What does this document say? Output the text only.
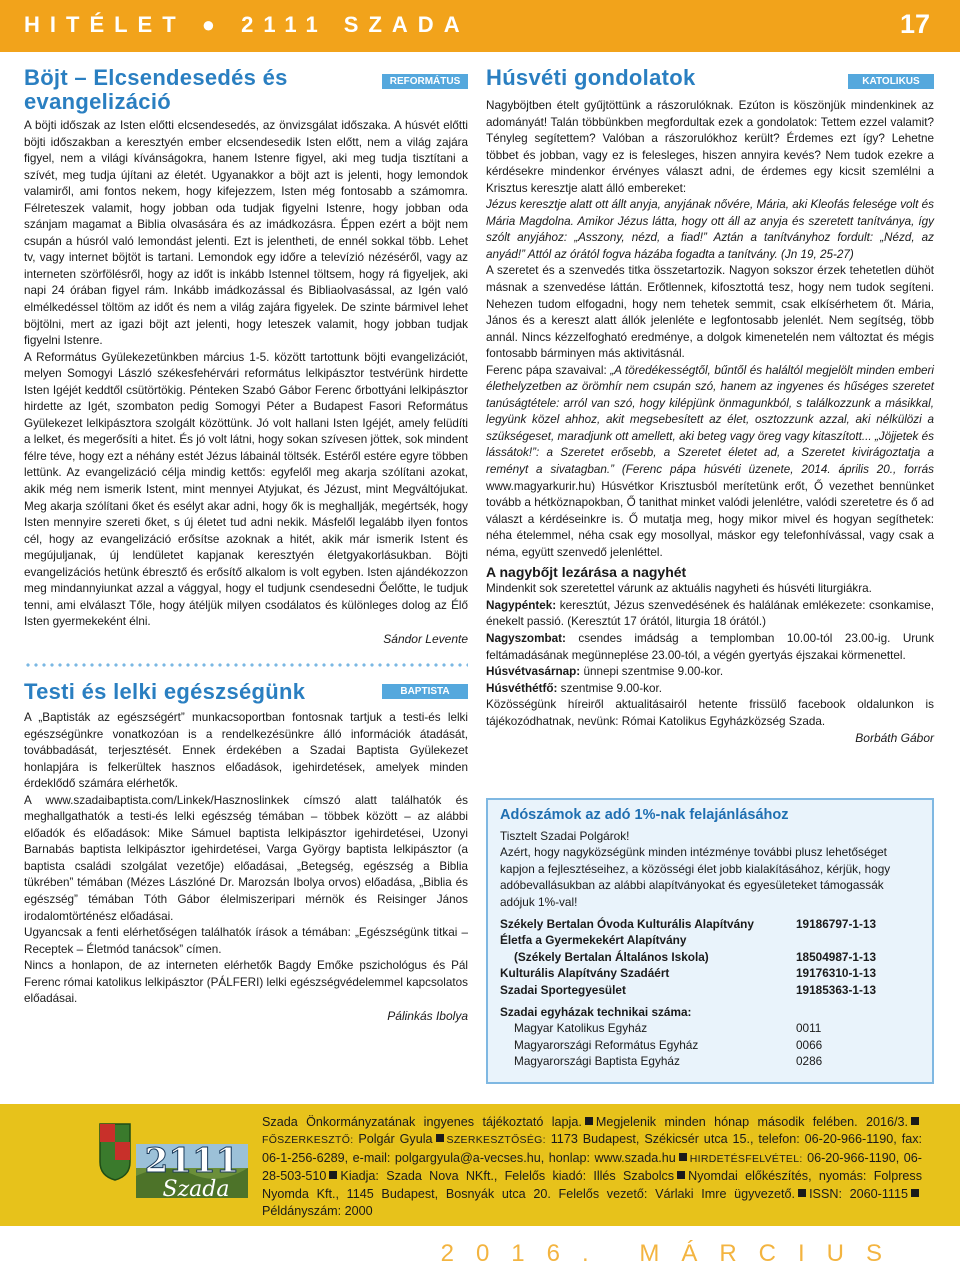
HITÉLET ● 2111 SZADA	17
Böjt – Elcsendesedés és evangelizáció
REFORMÁTUS

A böjti időszak az Isten előtti elcsendesedés, az önvizsgálat időszaka. A húsvét előtti böjti időszakban a keresztyén ember elcsendesedik Isten előtt, nem a világ zajára figyel, nem a világi kívánságokra, hanem Istenre figyel, aki meg tudja tisztítani a szívét, meg tudja újítani az életét. Ugyanakkor a böjt azt is jelenti, hogy lemondok valamiről, ami fontos nekem, hogy kifejezzem, Isten még fontosabb a számomra. Félreteszek valamit, hogy jobban oda tudjak figyelni Istenre, hogy jobban oda szánjam magamat a Biblia olvasására és az imádkozásra. Éppen ezért a böjt nem csupán a húsról való lemondást jelenti. Ezt is jelentheti, de ennél sokkal több. Lehet tv, vagy internet böjtöt is tartani. Lemondok egy időre a televízió nézéséről, vagy az interneten szörfölésről, hogy az időt is inkább Istennel töltsem, hogy rá figyeljek, aki napi 24 órában figyel rám. Inkább imádkozással és Bibliaolvasással, az Igén való elmélkedéssel töltöm az időt és nem a világ zajára figyelek. De szinte bármivel lehet böjtölni, mert az igazi böjt azt jelenti, hogy leteszek valamit, hogy jobban tudjak figyelni Istenre.

A Református Gyülekezetünkben március 1-5. között tartottunk böjti evangelizációt, melyen Somogyi László székesfehérvári református lelkipásztor testvérünk hirdette Isten Igéjét keddtől csütörtökig. Pénteken Szabó Gábor Ferenc őrbottyáni lelkipásztor hirdette az Igét, szombaton pedig Somogyi Péter a Budapest Fasori Református Gyülekezet lelkipásztora szolgált közöttünk. Jó volt hallani Isten Igéjét, amely felüdíti a lelket, és megerősíti a hitet. És jó volt látni, hogy sokan szívesen jöttek, sok mindent félre téve, hogy ezt a néhány estét Jézus lábainál töltsék. Estéről estére egyre többen lettünk. Az evangelizáció célja mindig kettős: egyfelől meg akarja szólítani azokat, akik még nem ismerik Istent, mint mennyei Atyjukat, és Jézust, mint Megváltójukat. Meg akarja szólítani őket és esélyt akar adni, hogy ők is meghallják, megértsék, hogy Isten mennyire szereti őket, s új életet tud adni nekik. Másfelől legalább ilyen fontos cél, hogy az evangelizáció erősítse azoknak a hitét, akik már ismerik Istent és megújuljanak, új lendületet kapjanak keresztyén életgyakorlásukban. Böjti evangelizációs hetünk ébresztő és erősítő alkalom is volt egyben. Isten ajándékozzon meg mindannyiunkat azzal a vággyal, hogy el tudjunk csendesedni Őelőtte, le tudjuk tenni, ami elválaszt Tőle, hogy átéljük milyen csodálatos és különleges dolog az Élő Isten gyermekeként élni.

Sándor Levente
Testi és lelki egészségünk	BAPTISTA

A „Baptisták az egészségért” munkacsoportban fontosnak tartjuk a testi-és lelki egészségünkre vonatkozóan is a rendelkezésünkre álló információk átadását, továbbadását, terjesztését. Ennek érdekében a Szadai Baptista Gyülekezet honlapjára is felkerültek hasznos előadások, igehirdetések, amelyek minden érdeklődő számára elérhetők.

A www.szadaibaptista.com/Linkek/Hasznoslinkek címszó alatt találhatók és meghallgathatók a testi-és lelki egészség témában – többek között – az alábbi előadók és előadások: Mike Sámuel baptista lelkipásztor igehirdetései, Uzonyi Barnabás baptista lelkipásztor igehirdetései, Varga György baptista lelkipásztor (a baptista családi szolgálat vezetője) előadásai, „Betegség, egészség a Biblia tükrében” témában (Mézes Lászlóné Dr. Marozsán Ibolya orvos) előadása, „Biblia és egészség” témában Tóth Gábor élelmiszeripari mérnök és Reisinger János irodalomtörténész előadásai.

Ugyancsak a fenti elérhetőségen találhatók írások a témában: „Egészségünk titkai – Receptek – Életmód tanácsok” címen.

Nincs a honlapon, de az interneten elérhetők Bagdy Emőke pszichológus és Pál Ferenc római katolikus lelkipásztor (PÁLFERI) lelki egészségvédelemmel kapcsolatos előadásai.

Pálinkás Ibolya
Húsvéti gondolatok	KATOLIKUS

Nagyböjtben ételt gyűjtöttünk a rászorulóknak. Ezúton is köszönjük mindenkinek az adományát! Talán többünkben megfordultak ezek a gondolatok: Tettem ezzel valamit? Tényleg segítettem? Valóban a rászorulókhoz került? Érdemes ezt így? Lehetne többet és jobban, vagy ez is felesleges, hiszen annyira kevés? Nem tudok ezekre a kérdésekre mindenkor érvényes választ adni, de érdemes egy kicsit szemlélni a Krisztus keresztje alatt álló embereket:

Jézus keresztje alatt ott állt anyja, anyjának nővére, Mária, aki Kleofás felesége volt és Mária Magdolna. Amikor Jézus látta, hogy ott áll az anyja és szeretett tanítványa, így szólt anyjához: „Asszony, nézd, a fiad!” Aztán a tanítványhoz fordult: „Nézd, az anyád!” Attól az órától fogva házába fogadta a tanítvány. (Jn 19, 25-27)

A szeretet és a szenvedés titka összetartozik. Nagyon sokszor érzek tehetetlen dühöt másnak a szenvedése láttán. Erőtlennek, kifosztottá tesz, hogy nem tudok segíteni. Nehezen tudom elfogadni, hogy nem tehetek semmit, csak elkísérhetem őt. Mária, János és a kereszt alatt állók jelenléte e legfontosabb jelenlét. Nem segítség, több annál. Nincs kézzelfogható eredménye, a dolgok kimenetelén nem változtat és mégis fontosabb bárminyen más aktivitásnál.

Ferenc pápa szavaival: „A töredékességtől, bűntől és haláltól megjelölt minden emberi élethelyzetben az örömhír nem csupán szó, hanem az ingyenes és hűséges szeretet tanúságtétele: arról van szó, hogy kilépjünk önmagunkból, s találkozzunk a másikkal, legyünk közel ahhoz, akit megsebesített az élet, osztozzunk azzal, aki nélkülözi a szükségeset, maradjunk ott amellett, aki beteg vagy öreg vagy kitaszított... „Jöjjetek és lássátok!”: a Szeretet erősebb, a Szeretet életet ad, a Szeretet kivirágoztatja a reményt a sivatagban.” (Ferenc pápa húsvéti üzenete, 2014. április 20., forrás www.magyarkurir.hu) Húsvétkor Krisztusból merítetünk erőt, Ő vezethet bennünket tovább a hétköznapokban, Ő tanithat minket valódi jelenlétre, valódi szeretetre és ő ad választ a kérdéseinkre is. Ő mutatja meg, hogy mikor mivel és hogyan segíthetek: néha ételemmel, néha csak egy mosollyal, máskor egy telefonhívással, vagy csak a néma, együtt szenvedő jelenléttel.

A nagybőjt lezárása a nagyhét

Mindenkit sok szeretettel várunk az aktuális nagyheti és húsvéti liturgiákra.

Nagypéntek: keresztút, Jézus szenvedésének és halálának emlékezete: csonkamise, énekelt passió. (Keresztút 17 órától, liturgia 18 órától.)

Nagyszombat: csendes imádság a templomban 10.00-tól 23.00-ig. Urunk feltámadásának megünneplése 23.00-tól, a végén gyertyás éjszakai körmenettel.

Húsvétvasárnap: ünnepi szentmise 9.00-kor.

Húsvéthétfő: szentmise 9.00-kor.

Közösségünk híreiről aktualitásairól hetente frissülő facebook oldalunkon is tájékozódhatnak, nevünk: Római Katolikus Egyházközség Szada.

Borbáth Gábor
Adószámok az adó 1%-nak felajánlásához
Tisztelt Szadai Polgárok!
Azért, hogy nagyközségünk minden intézménye további plusz lehetőséget kapjon a fejlesztéseihez, a közösségi élet jobb kialakításához, kérjük, hogy adóbevallásukban az alábbi alapítványokat és egyesületeket támogassák adójuk 1%-val!
Székely Bertalan Óvoda Kulturális Alapítvány	19186797-1-13
Életfa a Gyermekekért Alapítvány
(Székely Bertalan Általános Iskola)	18504987-1-13
Kulturális Alapítvány Szadáért	19176310-1-13
Szadai Sportegyesület	19185363-1-13
Szadai egyházak technikai száma:
Magyar Katolikus Egyház	0011
Magyarországi Református Egyház	0066
Magyarországi Baptista Egyház	0286
2111
Szada
Szada Önkormányzatának ingyenes tájékoztató lapja. Megjelenik minden hónap második felében. 2016/3.FŐSZERKESZTŐ: Polgár Gyula SZERKESZTŐSÉG: 1173 Budapest, Székicsér utca 15., telefon: 06-20-966-1190, fax: 06-1-256-6289, e-mail: polgargyula@a-vecses.hu, honlap: www.szada.hu HIRDETÉSFELVÉTEL: 06-20-966-1190, 06-28-503-510 Kiadja: Szada Nova NKft., Felelős kiadó: Illés Szabolcs Nyomdai előkészítés, nyomás: Folpress Nyomda Kft., 1145 Budapest, Bosnyák utca 20. Felelős vezető: Várlaki Imre ügyvezető. ISSN: 2060-1115Példányszám: 2000
2016. MÁRCIUS
